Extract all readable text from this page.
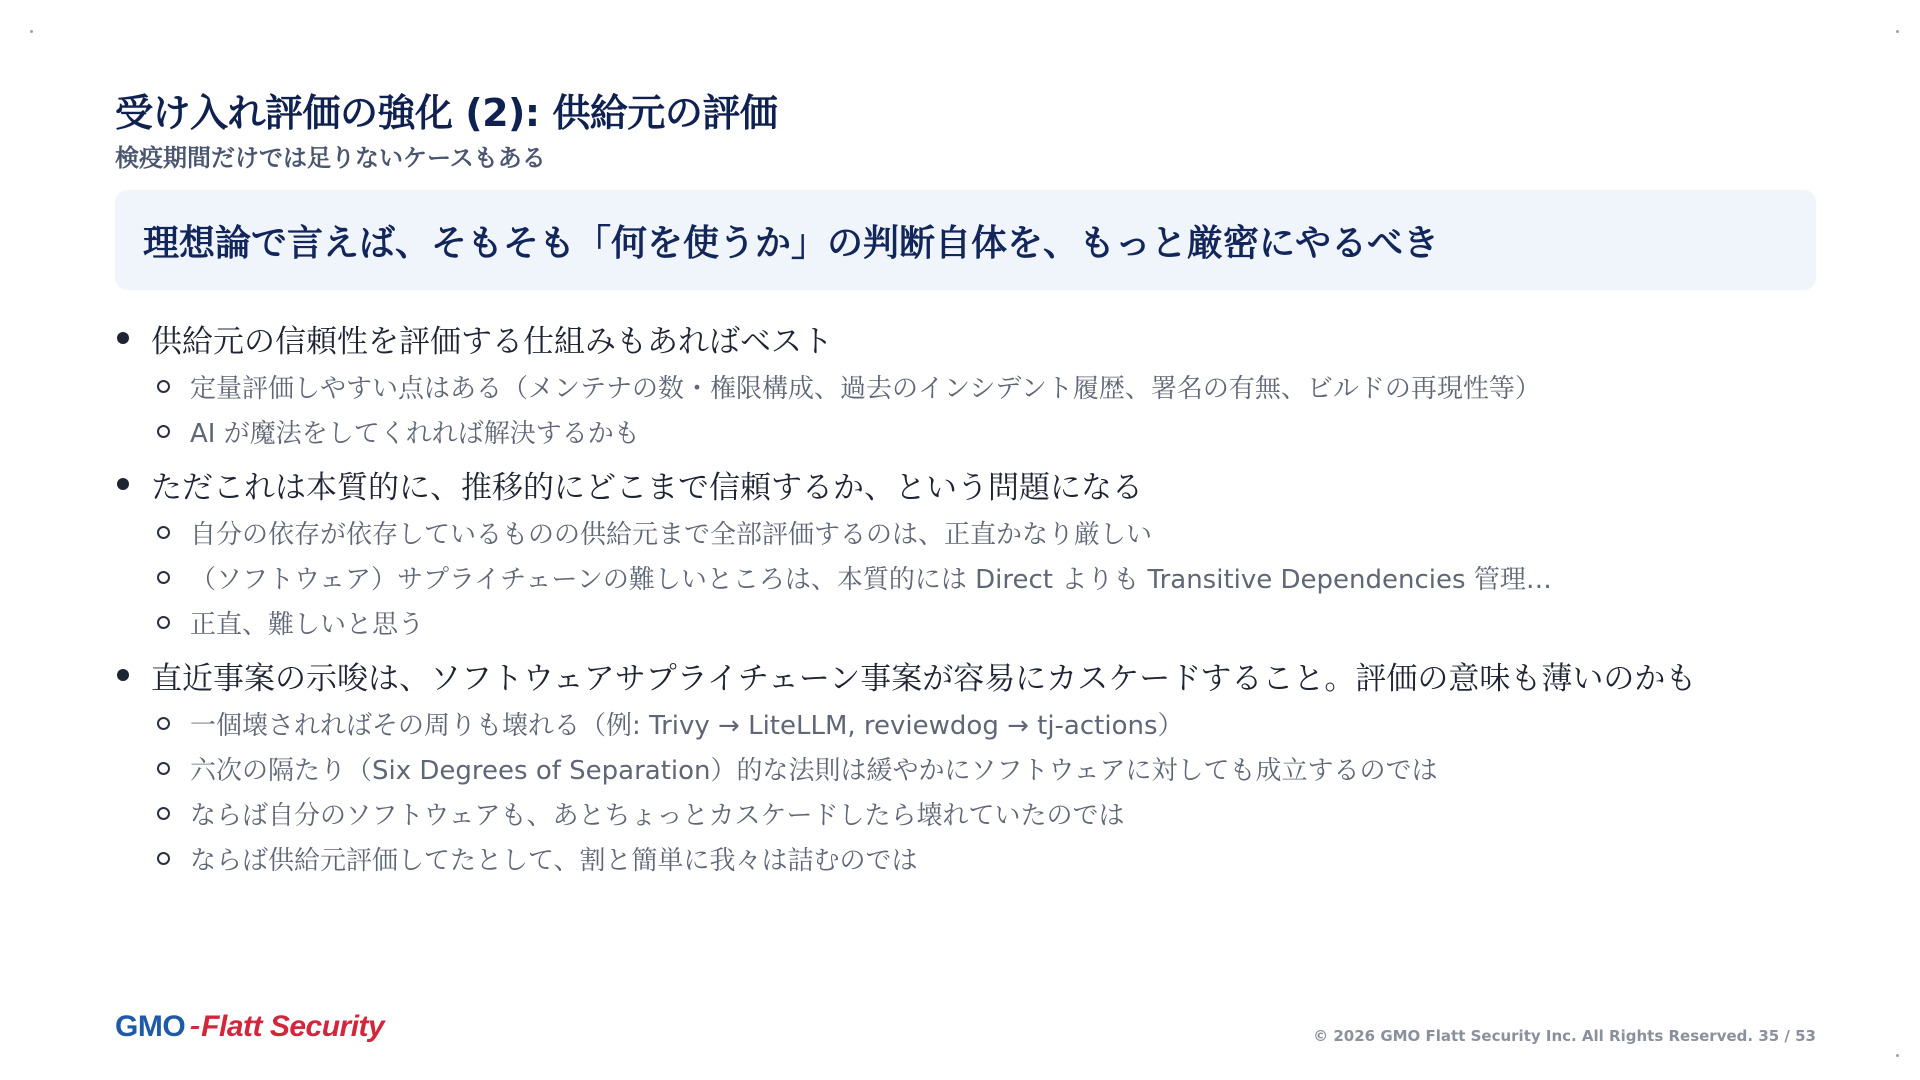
受け入れ評価の強化 (2): 供給元の評価
検疫期間だけでは足りないケースもある
理想論で言えば、そもそも「何を使うか」の判断自体を、もっと厳密にやるべき
供給元の信頼性を評価する仕組みもあればベスト
定量評価しやすい点はある（メンテナの数・権限構成、過去のインシデント履歴、署名の有無、ビルドの再現性等）
AI が魔法をしてくれれば解決するかも
ただこれは本質的に、推移的にどこまで信頼するか、という問題になる
自分の依存が依存しているものの供給元まで全部評価するのは、正直かなり厳しい
（ソフトウェア）サプライチェーンの難しいところは、本質的には Direct よりも Transitive Dependencies 管理…
正直、難しいと思う
直近事案の示唆は、ソフトウェアサプライチェーン事案が容易にカスケードすること。評価の意味も薄いのかも
一個壊されればその周りも壊れる（例: Trivy → LiteLLM, reviewdog → tj-actions）
六次の隔たり（Six Degrees of Separation）的な法則は緩やかにソフトウェアに対しても成立するのでは
ならば自分のソフトウェアも、あとちょっとカスケードしたら壊れていたのでは
ならば供給元評価してたとして、割と簡単に我々は詰むのでは
GMO Flatt Security	© 2026 GMO Flatt Security Inc. All Rights Reserved. 35 / 53
